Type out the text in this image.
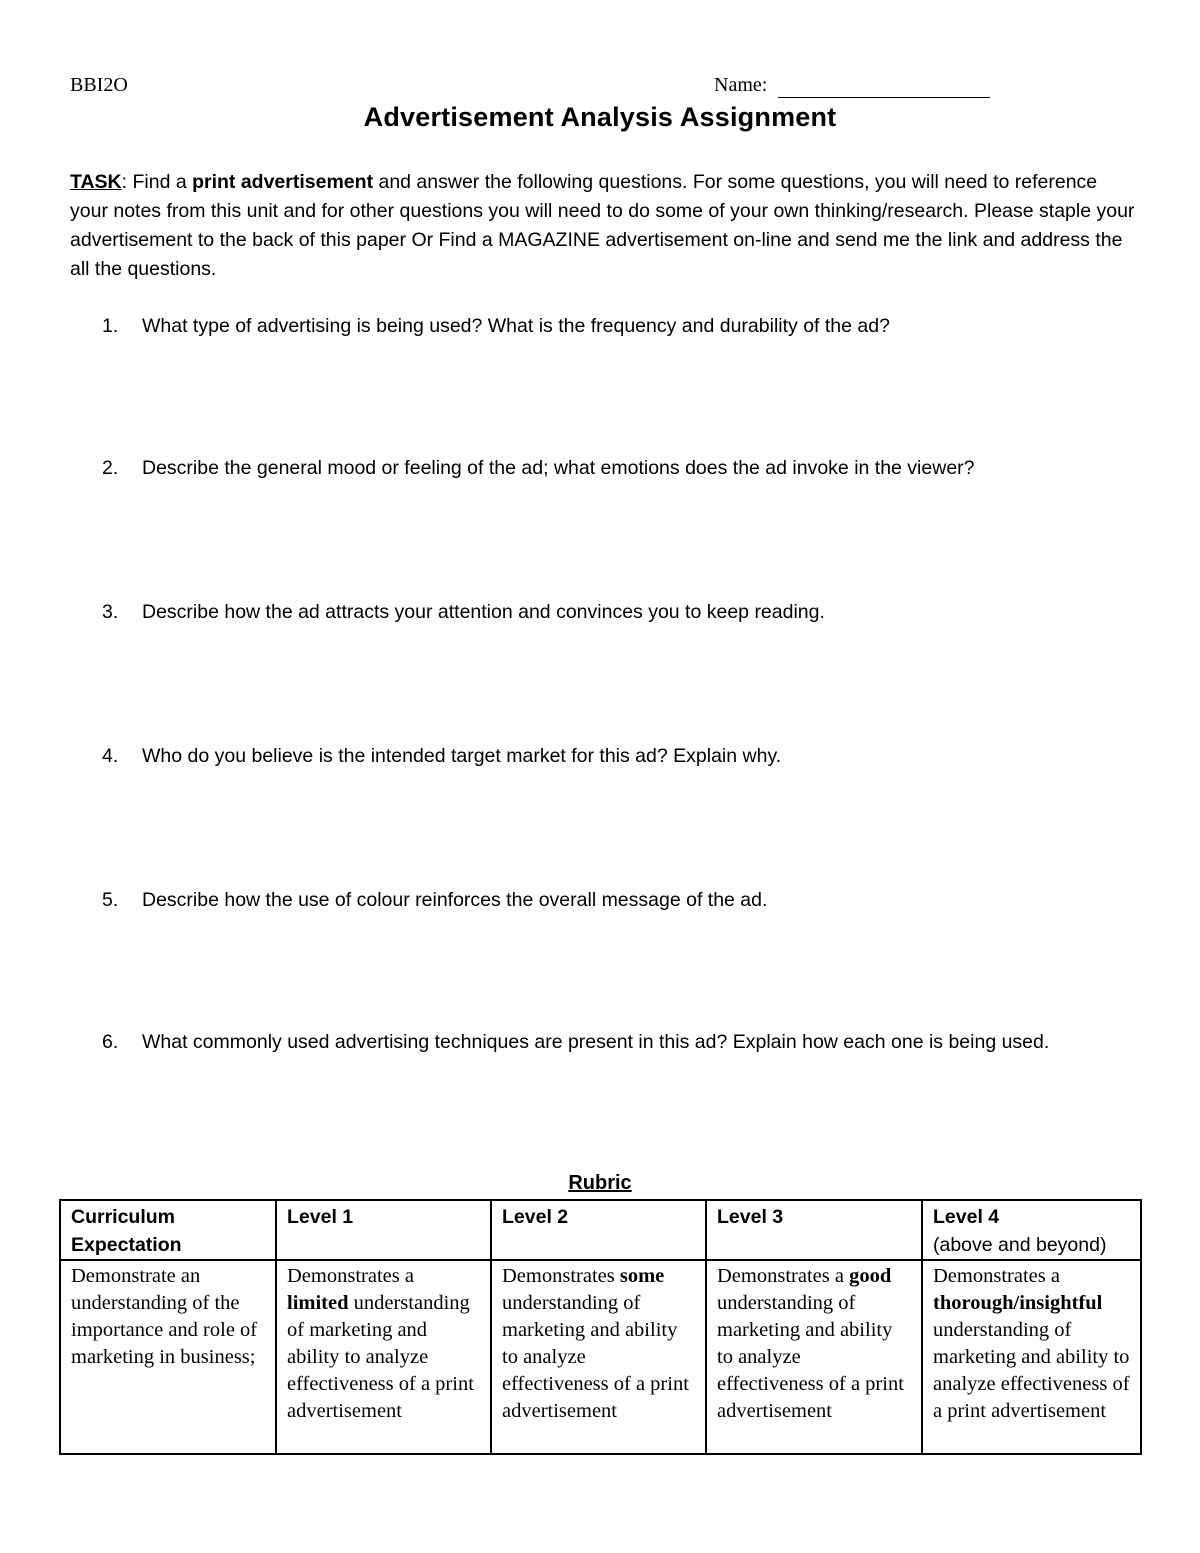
BBI2O	Name:
Advertisement Analysis Assignment

TASK: Find a print advertisement and answer the following questions. For some questions, you will need to reference your notes from this unit and for other questions you will need to do some of your own thinking/research. Please staple your advertisement to the back of this paper Or Find a MAGAZINE advertisement on-line and send me the link and address the all the questions.

1.	What type of advertising is being used? What is the frequency and durability of the ad?
2.	Describe the general mood or feeling of the ad; what emotions does the ad invoke in the viewer?
3.	Describe how the ad attracts your attention and convinces you to keep reading.
4.	Who do you believe is the intended target market for this ad? Explain why.
5.	Describe how the use of colour reinforces the overall message of the ad.
6.	What commonly used advertising techniques are present in this ad? Explain how each one is being used.
Rubric
Curriculum Expectation	Level 1	Level 2	Level 3	Level 4
(above and beyond)
Demonstrate an understanding of the importance and role of marketing in business;	Demonstrates a limited understanding of marketing and ability to analyze effectiveness of a print advertisement	Demonstrates some understanding of marketing and ability to analyze effectiveness of a print advertisement	Demonstrates a good understanding of marketing and ability to analyze effectiveness of a print advertisement	Demonstrates a thorough/insightful understanding of marketing and ability to analyze effectiveness of a print advertisement
